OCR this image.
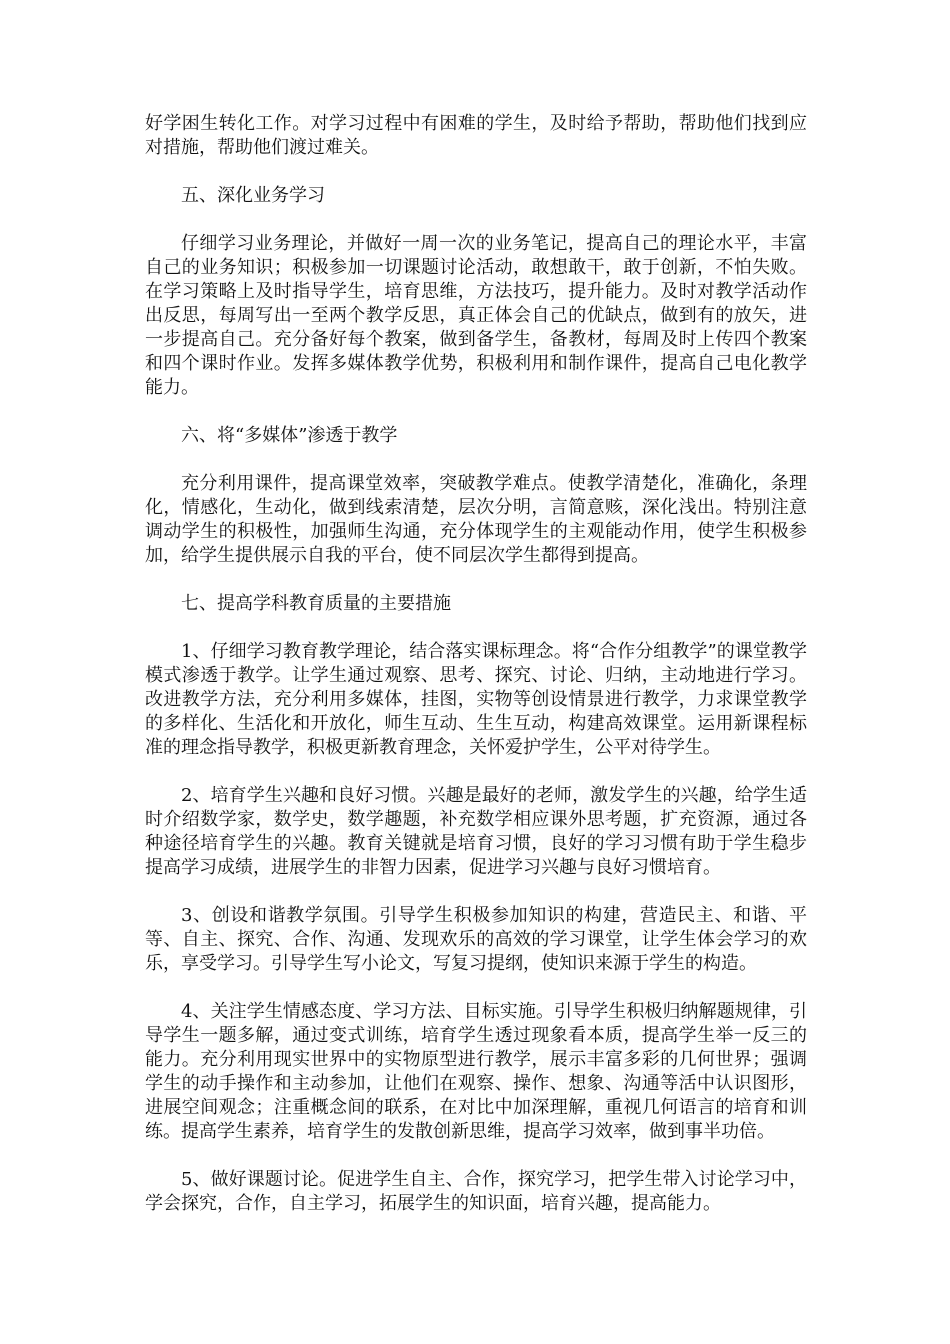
好学困生转化工作。对学习过程中有困难的学生，及时给予帮助，帮助他们找到应对措施，帮助他们渡过难关。

五、深化业务学习

仔细学习业务理论，并做好一周一次的业务笔记，提高自己的理论水平，丰富自己的业务知识；积极参加一切课题讨论活动，敢想敢干，敢于创新，不怕失败。在学习策略上及时指导学生，培育思维，方法技巧，提升能力。及时对教学活动作出反思，每周写出一至两个教学反思，真正体会自己的优缺点，做到有的放矢，进一步提高自己。充分备好每个教案，做到备学生，备教材，每周及时上传四个教案和四个课时作业。发挥多媒体教学优势，积极利用和制作课件，提高自己电化教学能力。

六、将“多媒体”渗透于教学

充分利用课件，提高课堂效率，突破教学难点。使教学清楚化，准确化，条理化，情感化，生动化，做到线索清楚，层次分明，言简意赅，深化浅出。特别注意调动学生的积极性，加强师生沟通，充分体现学生的主观能动作用，使学生积极参加，给学生提供展示自我的平台，使不同层次学生都得到提高。

七、提高学科教育质量的主要措施

1、仔细学习教育教学理论，结合落实课标理念。将“合作分组教学”的课堂教学模式渗透于教学。让学生通过观察、思考、探究、讨论、归纳，主动地进行学习。改进教学方法，充分利用多媒体，挂图，实物等创设情景进行教学，力求课堂教学的多样化、生活化和开放化，师生互动、生生互动，构建高效课堂。运用新课程标准的理念指导教学，积极更新教育理念，关怀爱护学生，公平对待学生。

2、培育学生兴趣和良好习惯。兴趣是最好的老师，激发学生的兴趣，给学生适时介绍数学家，数学史，数学趣题，补充数学相应课外思考题，扩充资源，通过各种途径培育学生的兴趣。教育关键就是培育习惯，良好的学习习惯有助于学生稳步提高学习成绩，进展学生的非智力因素，促进学习兴趣与良好习惯培育。

3、创设和谐教学氛围。引导学生积极参加知识的构建，营造民主、和谐、平等、自主、探究、合作、沟通、发现欢乐的高效的学习课堂，让学生体会学习的欢乐，享受学习。引导学生写小论文，写复习提纲，使知识来源于学生的构造。

4、关注学生情感态度、学习方法、目标实施。引导学生积极归纳解题规律，引导学生一题多解，通过变式训练，培育学生透过现象看本质，提高学生举一反三的能力。充分利用现实世界中的实物原型进行教学，展示丰富多彩的几何世界；强调学生的动手操作和主动参加，让他们在观察、操作、想象、沟通等活中认识图形，进展空间观念；注重概念间的联系，在对比中加深理解，重视几何语言的培育和训练。提高学生素养，培育学生的发散创新思维，提高学习效率，做到事半功倍。

5、做好课题讨论。促进学生自主、合作，探究学习，把学生带入讨论学习中，学会探究，合作，自主学习，拓展学生的知识面，培育兴趣，提高能力。
